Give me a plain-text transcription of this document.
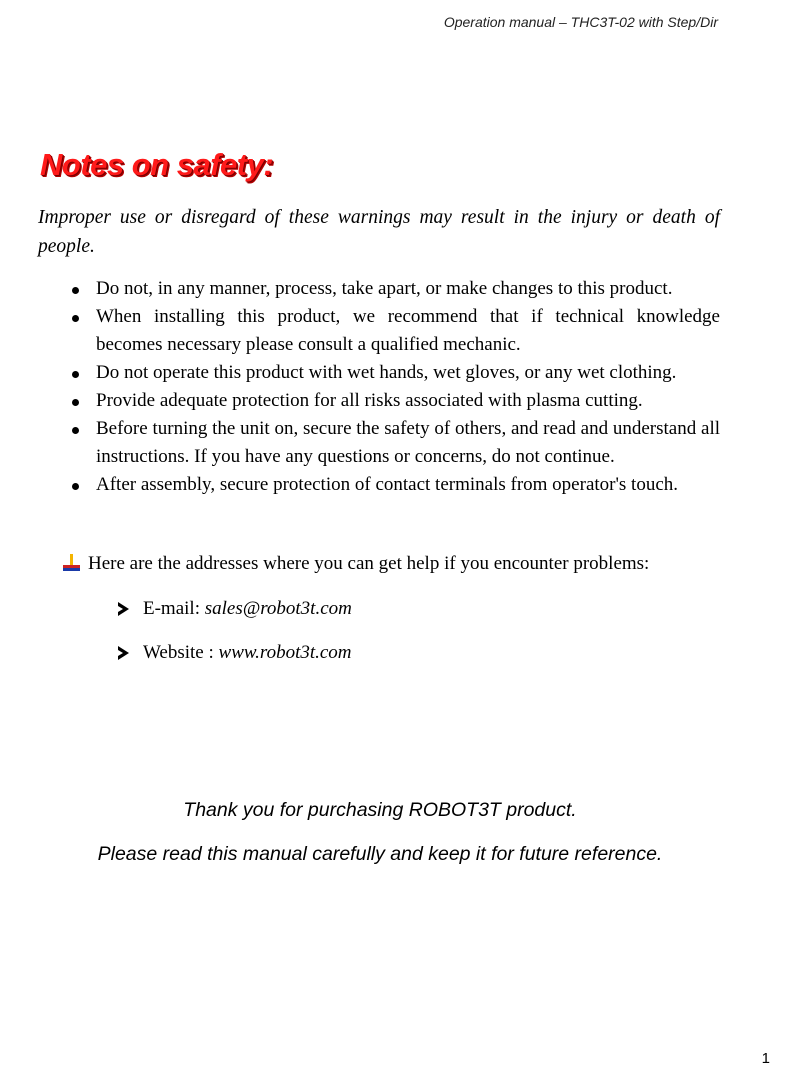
Operation manual – THC3T-02 with Step/Dir
Notes on safety:
Improper use or disregard of these warnings may result in the injury or death of people.
Do not, in any manner, process, take apart, or make changes to this product.
When installing this product, we recommend that if technical knowledge becomes necessary please consult a qualified mechanic.
Do not operate this product with wet hands, wet gloves, or any wet clothing.
Provide adequate protection for all risks associated with plasma cutting.
Before turning the unit on, secure the safety of others, and read and understand all instructions. If you have any questions or concerns, do not continue.
After assembly, secure protection of contact terminals from operator's touch.
Here are the addresses where you can get help if you encounter problems:
E-mail:
sales@robot3t.com
Website :
www.robot3t.com
Thank you for purchasing ROBOT3T product.
Please read this manual carefully and keep it for future reference.
1
